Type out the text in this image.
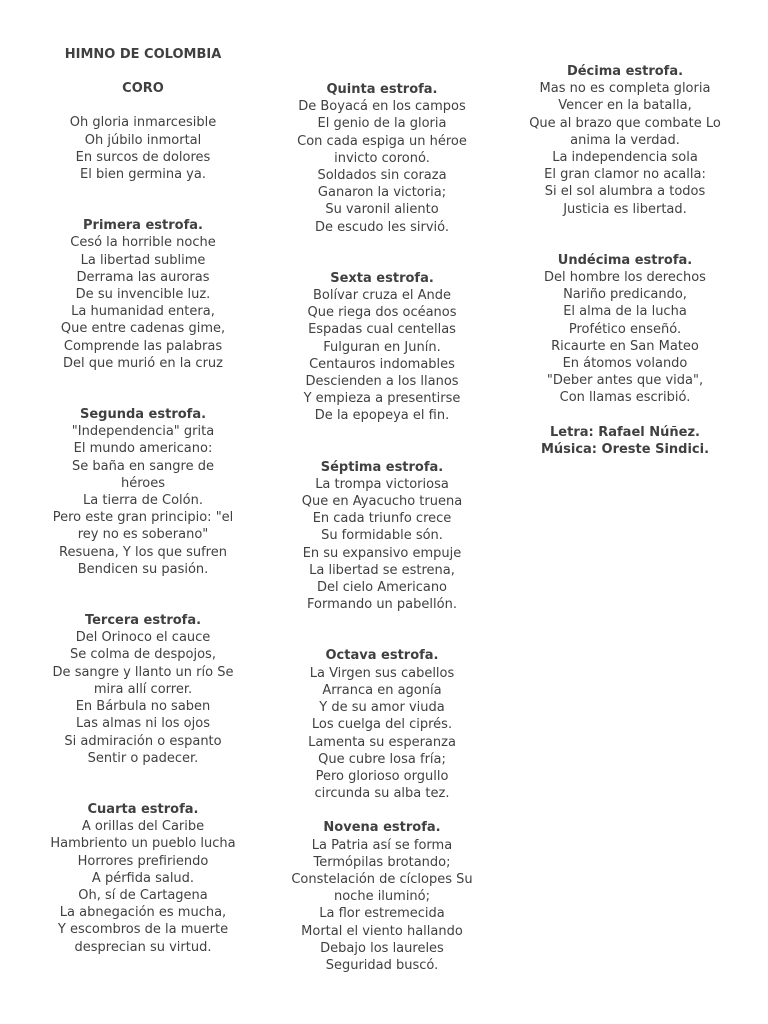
HIMNO DE COLOMBIA
CORO
Oh gloria inmarcesible
Oh júbilo inmortal
En surcos de dolores
El bien germina ya.
Primera estrofa.
Cesó la horrible noche
La libertad sublime
Derrama las auroras
De su invencible luz.
La humanidad entera,
Que entre cadenas gime,
Comprende las palabras
Del que murió en la cruz
Segunda estrofa.
"Independencia" grita
El mundo americano:
Se baña en sangre de
héroes
La tierra de Colón.
Pero este gran principio: "el
rey no es soberano"
Resuena, Y los que sufren
Bendicen su pasión.
Tercera estrofa.
Del Orinoco el cauce
Se colma de despojos,
De sangre y llanto un río Se
mira allí correr.
En Bárbula no saben
Las almas ni los ojos
Si admiración o espanto
Sentir o padecer.
Cuarta estrofa.
A orillas del Caribe
Hambriento un pueblo lucha
Horrores prefiriendo
A pérfida salud.
Oh, sí de Cartagena
La abnegación es mucha,
Y escombros de la muerte
desprecian su virtud.
Quinta estrofa.
De Boyacá en los campos
El genio de la gloria
Con cada espiga un héroe
invicto coronó.
Soldados sin coraza
Ganaron la victoria;
Su varonil aliento
De escudo les sirvió.
Sexta estrofa.
Bolívar cruza el Ande
Que riega dos océanos
Espadas cual centellas
Fulguran en Junín.
Centauros indomables
Descienden a los llanos
Y empieza a presentirse
De la epopeya el fin.
Séptima estrofa.
La trompa victoriosa
Que en Ayacucho truena
En cada triunfo crece
Su formidable són.
En su expansivo empuje
La libertad se estrena,
Del cielo Americano
Formando un pabellón.
Octava estrofa.
La Virgen sus cabellos
Arranca en agonía
Y de su amor viuda
Los cuelga del ciprés.
Lamenta su esperanza
Que cubre losa fría;
Pero glorioso orgullo
circunda su alba tez.
Novena estrofa.
La Patria así se forma
Termópilas brotando;
Constelación de cíclopes Su
noche iluminó;
La flor estremecida
Mortal el viento hallando
Debajo los laureles
Seguridad buscó.
Décima estrofa.
Mas no es completa gloria
Vencer en la batalla,
Que al brazo que combate Lo
anima la verdad.
La independencia sola
El gran clamor no acalla:
Si el sol alumbra a todos
Justicia es libertad.
Undécima estrofa.
Del hombre los derechos
Nariño predicando,
El alma de la lucha
Profético enseñó.
Ricaurte en San Mateo
En átomos volando
"Deber antes que vida",
Con llamas escribió.
Letra: Rafael Núñez.
Música: Oreste Sindici.
